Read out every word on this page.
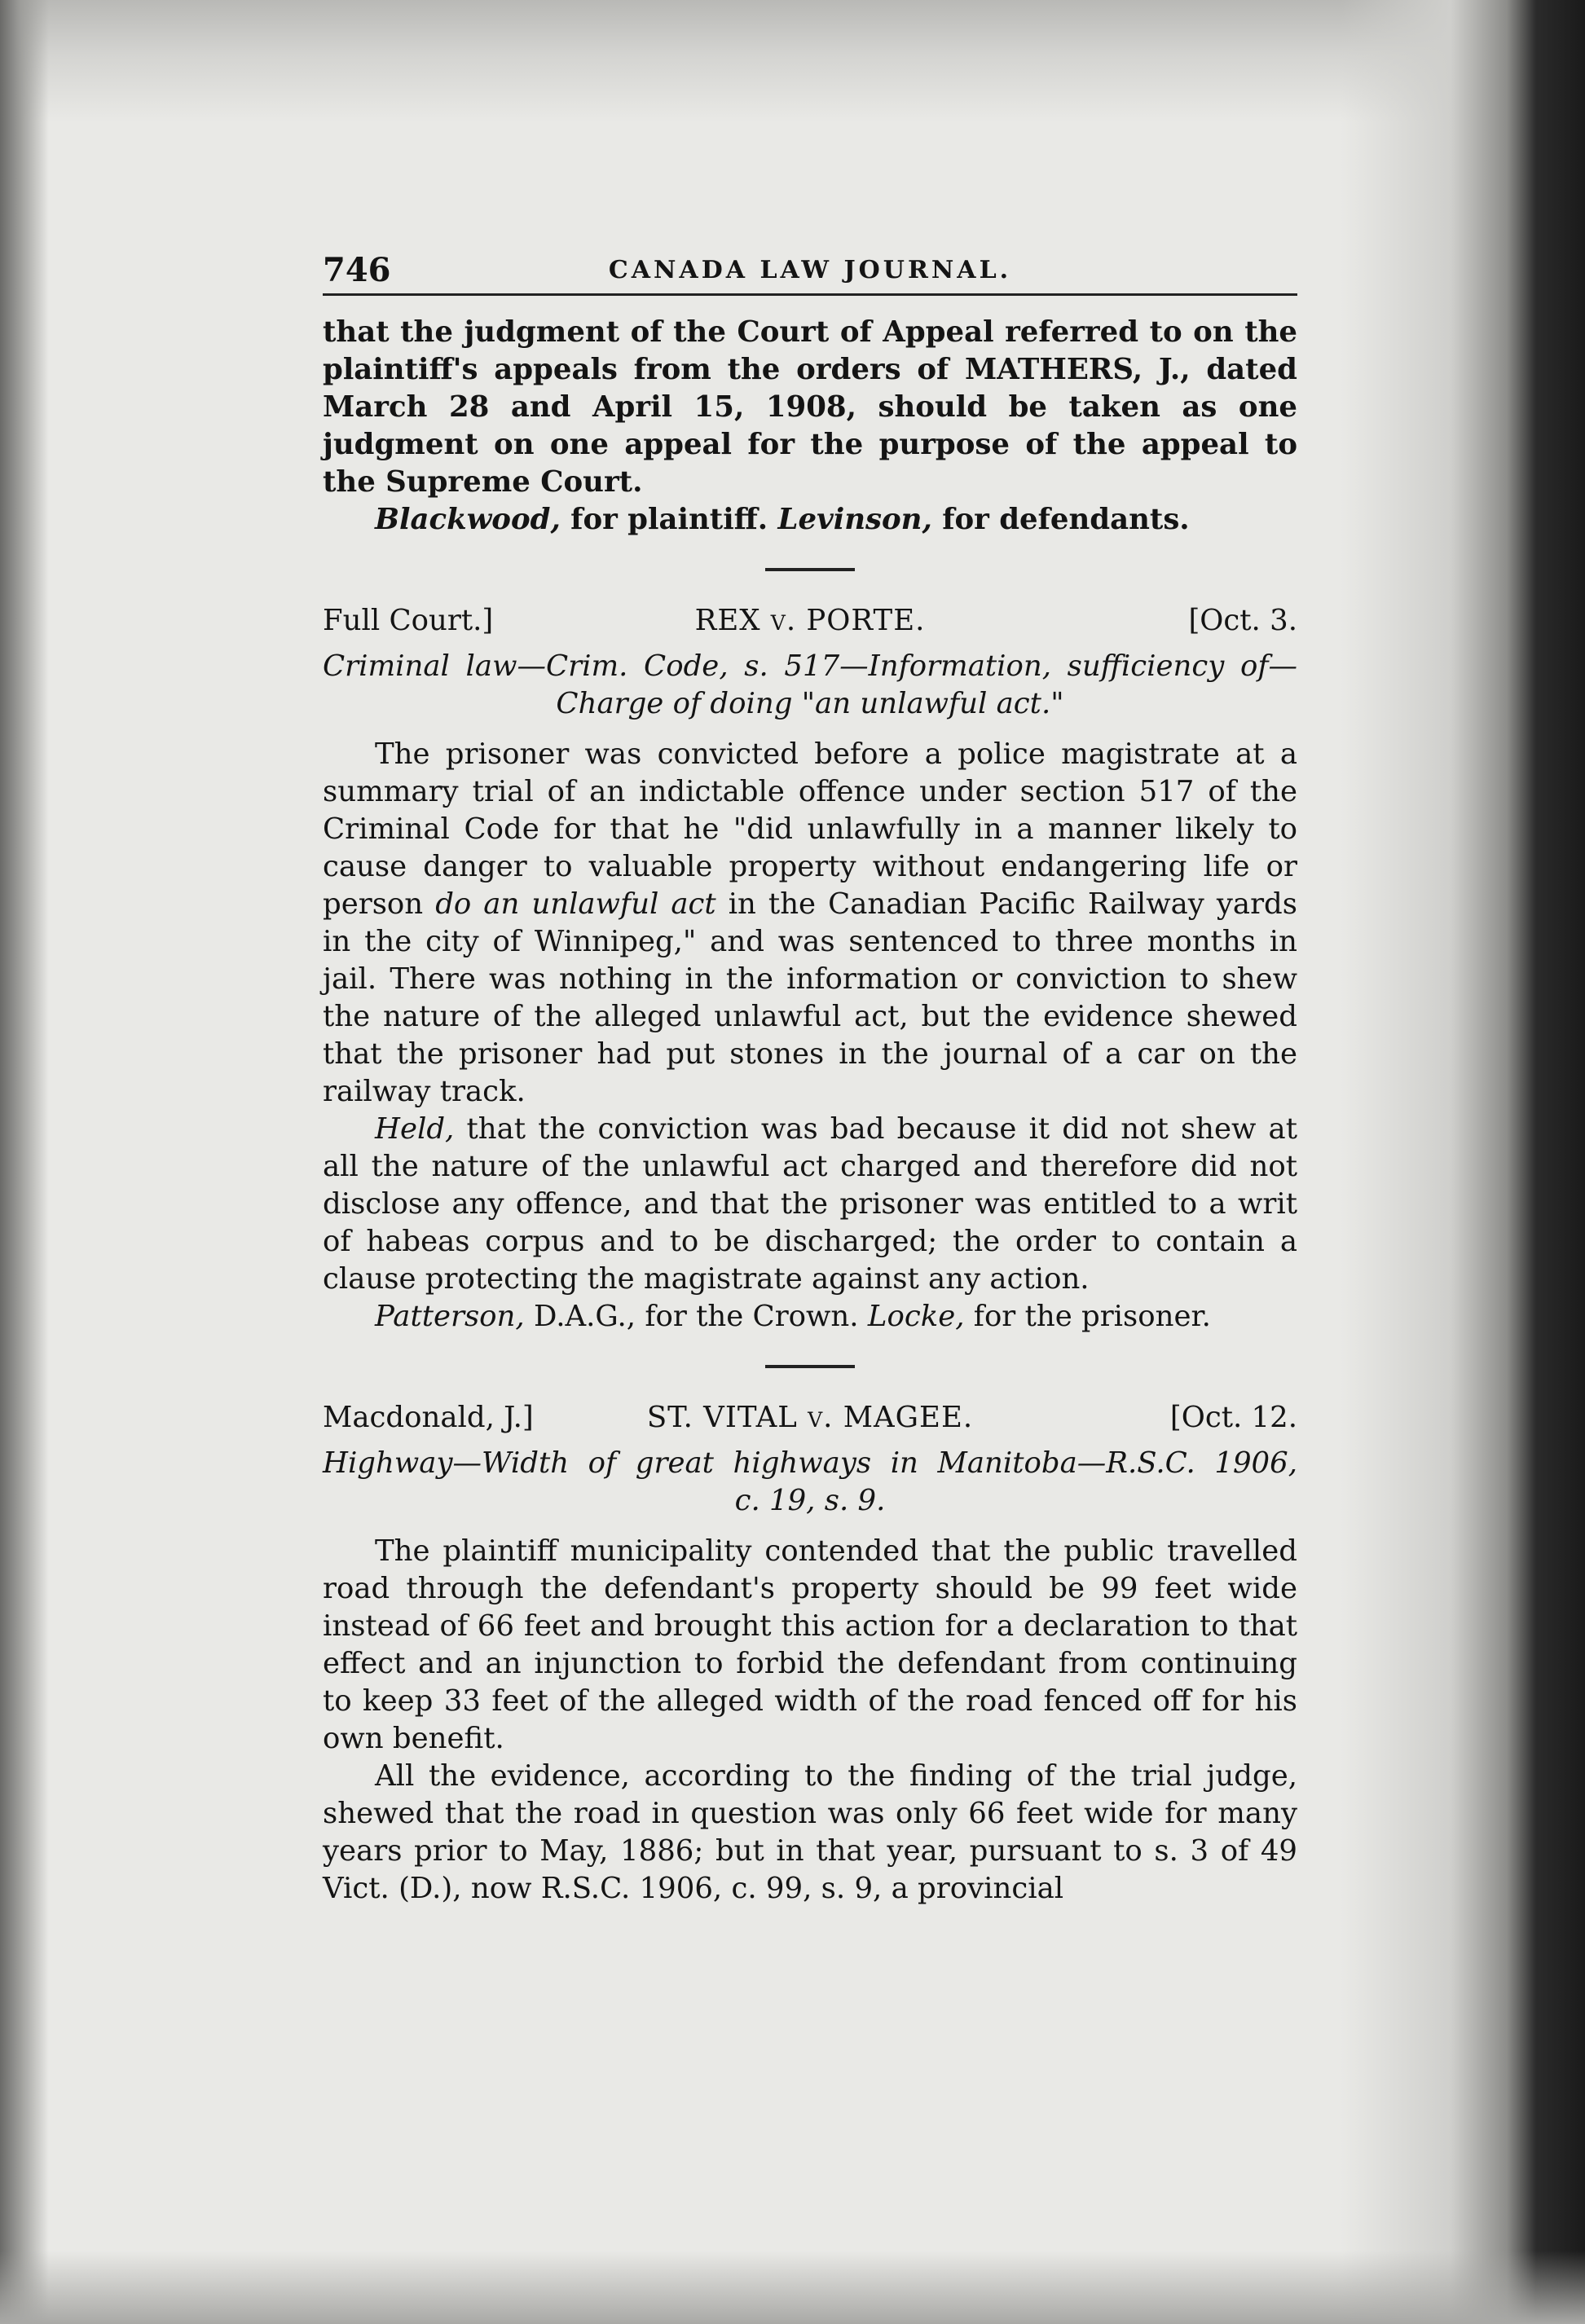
746	CANADA LAW JOURNAL.

that the judgment of the Court of Appeal referred to on the plaintiff's appeals from the orders of MATHERS, J., dated March 28 and April 15, 1908, should be taken as one judgment on one appeal for the purpose of the appeal to the Supreme Court.

Blackwood, for plaintiff. Levinson, for defendants.

Full Court.]	REX v. PORTE.	[Oct. 3.
Criminal law—Crim. Code, s. 517—Information, sufficiency of—
Charge of doing "an unlawful act."

The prisoner was convicted before a police magistrate at a summary trial of an indictable offence under section 517 of the Criminal Code for that he "did unlawfully in a manner likely to cause danger to valuable property without endangering life or person do an unlawful act in the Canadian Pacific Railway yards in the city of Winnipeg," and was sentenced to three months in jail. There was nothing in the information or conviction to shew the nature of the alleged unlawful act, but the evidence shewed that the prisoner had put stones in the journal of a car on the railway track.

Held, that the conviction was bad because it did not shew at all the nature of the unlawful act charged and therefore did not disclose any offence, and that the prisoner was entitled to a writ of habeas corpus and to be discharged; the order to contain a clause protecting the magistrate against any action.

Patterson, D.A.G., for the Crown. Locke, for the prisoner.

Macdonald, J.]	ST. VITAL v. MAGEE.	[Oct. 12.
Highway—Width of great highways in Manitoba—R.S.C. 1906,
c. 19, s. 9.

The plaintiff municipality contended that the public travelled road through the defendant's property should be 99 feet wide instead of 66 feet and brought this action for a declaration to that effect and an injunction to forbid the defendant from continuing to keep 33 feet of the alleged width of the road fenced off for his own benefit.

All the evidence, according to the finding of the trial judge, shewed that the road in question was only 66 feet wide for many years prior to May, 1886; but in that year, pursuant to s. 3 of 49 Vict. (D.), now R.S.C. 1906, c. 99, s. 9, a provincial
